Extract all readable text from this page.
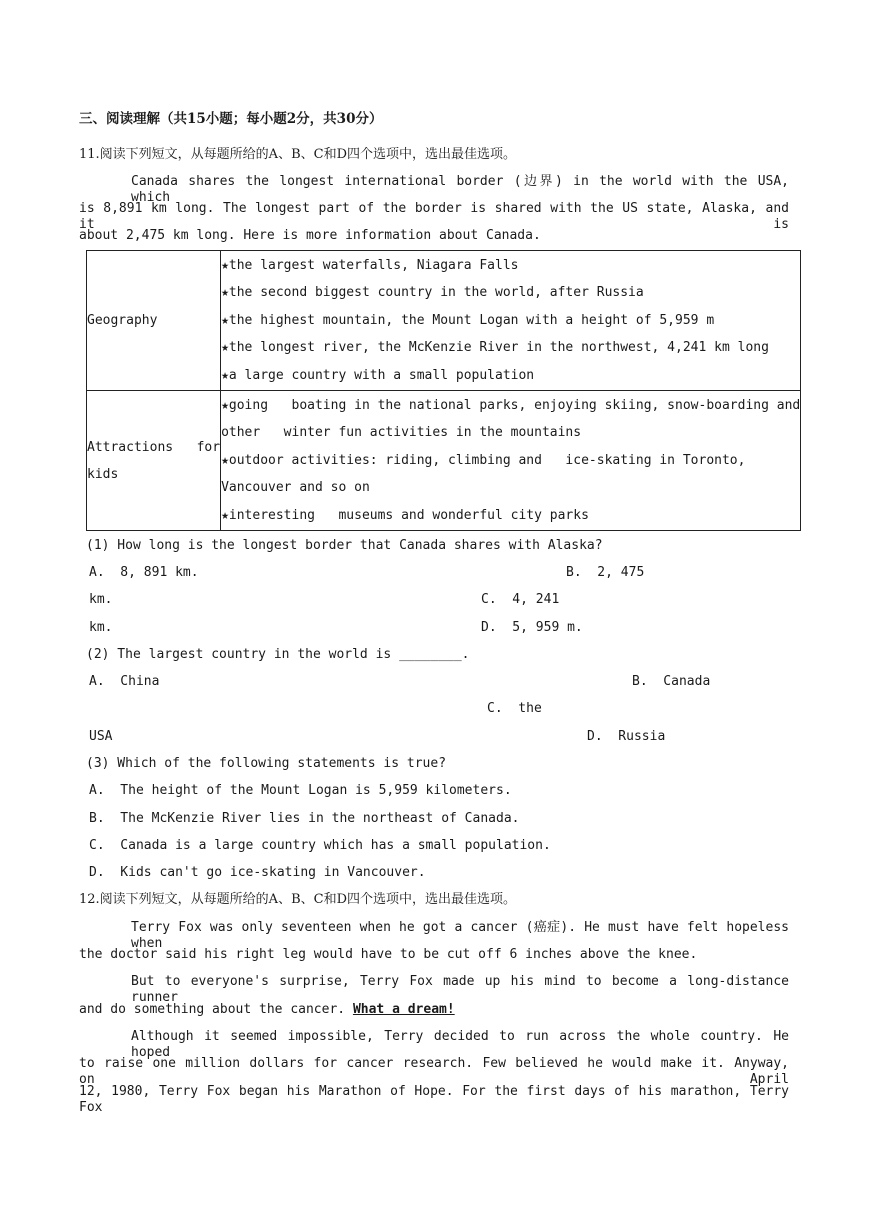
三、阅读理解（共15小题；每小题2分，共30分）
11.阅读下列短文，从每题所给的A、B、C和D四个选项中，选出最佳选项。
Canada shares the longest international border (边界) in the world with the USA, which
is 8,891 km long. The longest part of the border is shared with the US state, Alaska, and it is
about 2,475 km long. Here is more information about Canada.
Geography	★the largest waterfalls, Niagara Falls
★the second biggest country in the world, after Russia
★the highest mountain, the Mount Logan with a height of 5,959 m
★the longest river, the McKenzie River in the northwest, 4,241 km long
★a large country with a small population

Attractions   for
kids	★going   boating in the national parks, enjoying skiing, snow-boarding and
other   winter fun activities in the mountains
★outdoor activities: riding, climbing and   ice-skating in Toronto,
Vancouver and so on
★interesting   museums and wonderful city parks
(1) How long is the longest border that Canada shares with Alaska?
A.  8, 891 km.	B.  2, 475
km.	C.  4, 241
km.	D.  5, 959 m.
(2) The largest country in the world is ________.
A.  China	B.  Canada
C.  the
USA	D.  Russia
(3) Which of the following statements is true?
A.  The height of the Mount Logan is 5,959 kilometers.
B.  The McKenzie River lies in the northeast of Canada.
C.  Canada is a large country which has a small population.
D.  Kids can't go ice-skating in Vancouver.
12.阅读下列短文，从每题所给的A、B、C和D四个选项中，选出最佳选项。
Terry Fox was only seventeen when he got a cancer (癌症). He must have felt hopeless when
the doctor said his right leg would have to be cut off 6 inches above the knee.
But to everyone's surprise, Terry Fox made up his mind to become a long-distance runner
and do something about the cancer. What a dream!
Although it seemed impossible, Terry decided to run across the whole country. He hoped
to raise one million dollars for cancer research. Few believed he would make it. Anyway, on April
12, 1980, Terry Fox began his Marathon of Hope. For the first days of his marathon, Terry Fox
